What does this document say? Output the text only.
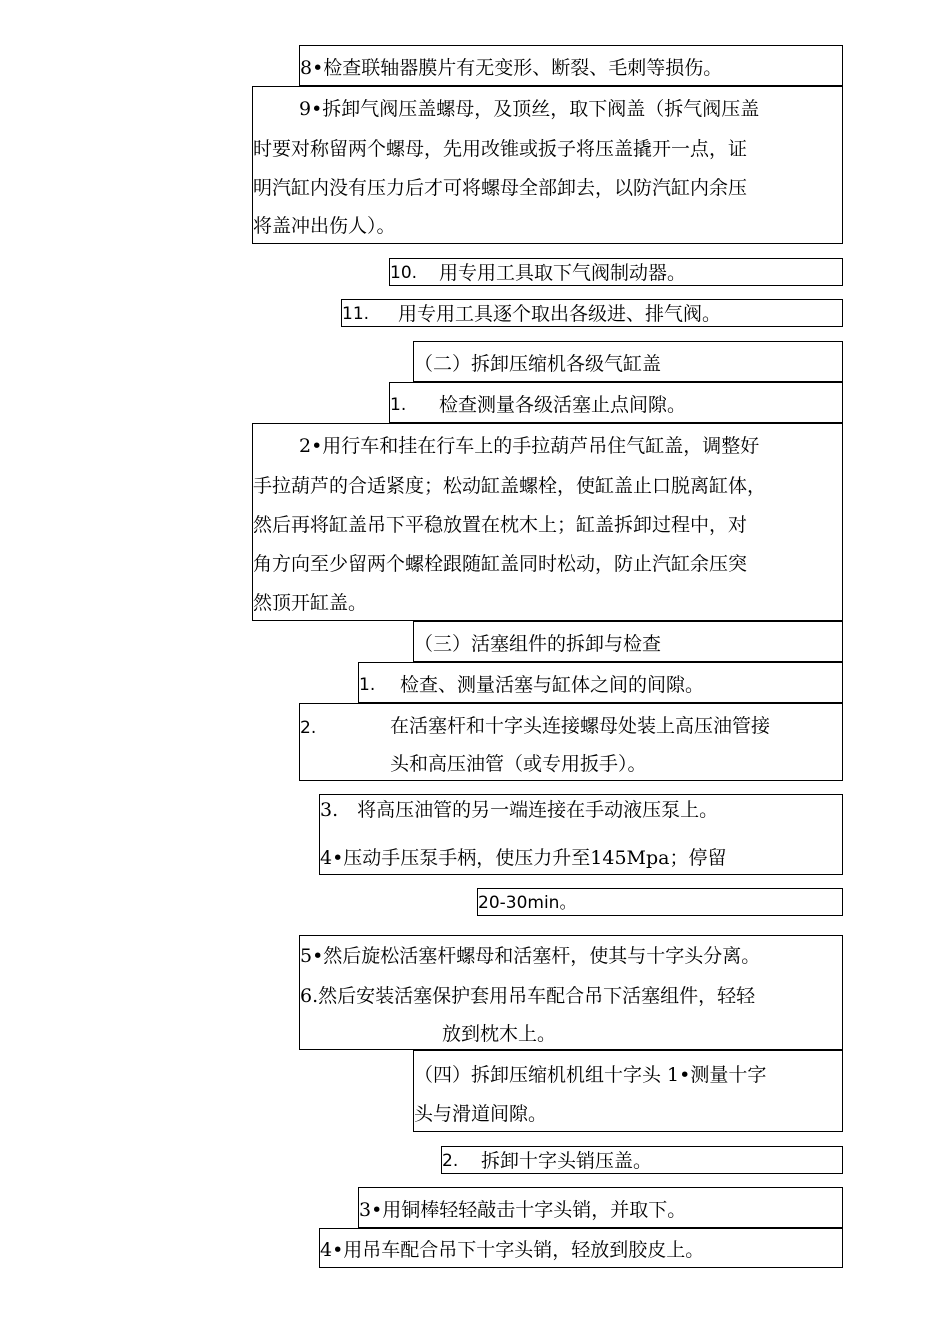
8•检查联轴器膜片有无变形、断裂、毛刺等损伤。
9•拆卸气阀压盖螺母，及顶丝，取下阀盖（拆气阀压盖
时要对称留两个螺母，先用改锥或扳子将压盖撬开一点，证
明汽缸内没有压力后才可将螺母全部卸去，以防汽缸内余压
将盖冲出伤人）。
10. 用专用工具取下气阀制动器。
11. 用专用工具逐个取出各级进、排气阀。
（二）拆卸压缩机各级气缸盖
1. 检查测量各级活塞止点间隙。
2•用行车和挂在行车上的手拉葫芦吊住气缸盖，调整好
手拉葫芦的合适紧度；松动缸盖螺栓，使缸盖止口脱离缸体，
然后再将缸盖吊下平稳放置在枕木上；缸盖拆卸过程中，对
角方向至少留两个螺栓跟随缸盖同时松动，防止汽缸余压突
然顶开缸盖。
（三）活塞组件的拆卸与检查
1. 检查、测量活塞与缸体之间的间隙。
2.	在活塞杆和十字头连接螺母处装上高压油管接
头和高压油管（或专用扳手）。
3.　将高压油管的另一端连接在手动液压泵上。
4•压动手压泵手柄，使压力升至145Mpa；停留
20-30min。
5•然后旋松活塞杆螺母和活塞杆，使其与十字头分离。
6.然后安装活塞保护套用吊车配合吊下活塞组件，轻轻
放到枕木上。
（四）拆卸压缩机机组十字头 1•测量十字
头与滑道间隙。
2. 拆卸十字头销压盖。
3•用铜棒轻轻敲击十字头销，并取下。
4•用吊车配合吊下十字头销，轻放到胶皮上。
